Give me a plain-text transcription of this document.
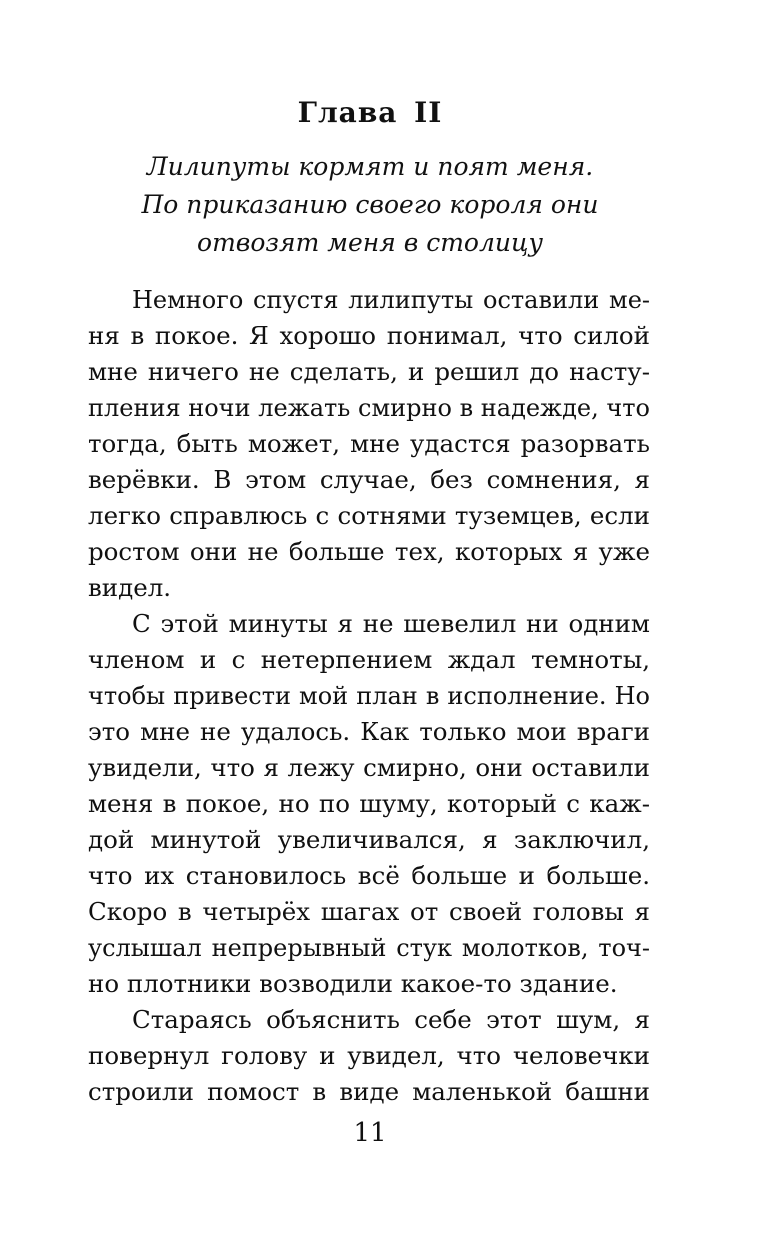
Глава II
Лилипуты кормят и поят меня.
По приказанию своего короля они
отвозят меня в столицу
Немного спустя лилипуты оставили ме-
ня в покое. Я хорошо понимал, что силой
мне ничего не сделать, и решил до насту-
пления ночи лежать смирно в надежде, что
тогда, быть может, мне удастся разорвать
верёвки. В этом случае, без сомнения, я
легко справлюсь с сотнями туземцев, если
ростом они не больше тех, которых я уже
видел.
С этой минуты я не шевелил ни одним
членом и с нетерпением ждал темноты,
чтобы привести мой план в исполнение. Но
это мне не удалось. Как только мои враги
увидели, что я лежу смирно, они оставили
меня в покое, но по шуму, который с каж-
дой минутой увеличивался, я заключил,
что их становилось всё больше и больше.
Скоро в четырёх шагах от своей головы я
услышал непрерывный стук молотков, точ-
но плотники возводили какое-то здание.
Стараясь объяснить себе этот шум, я
повернул голову и увидел, что человечки
строили помост в виде маленькой башни
11
